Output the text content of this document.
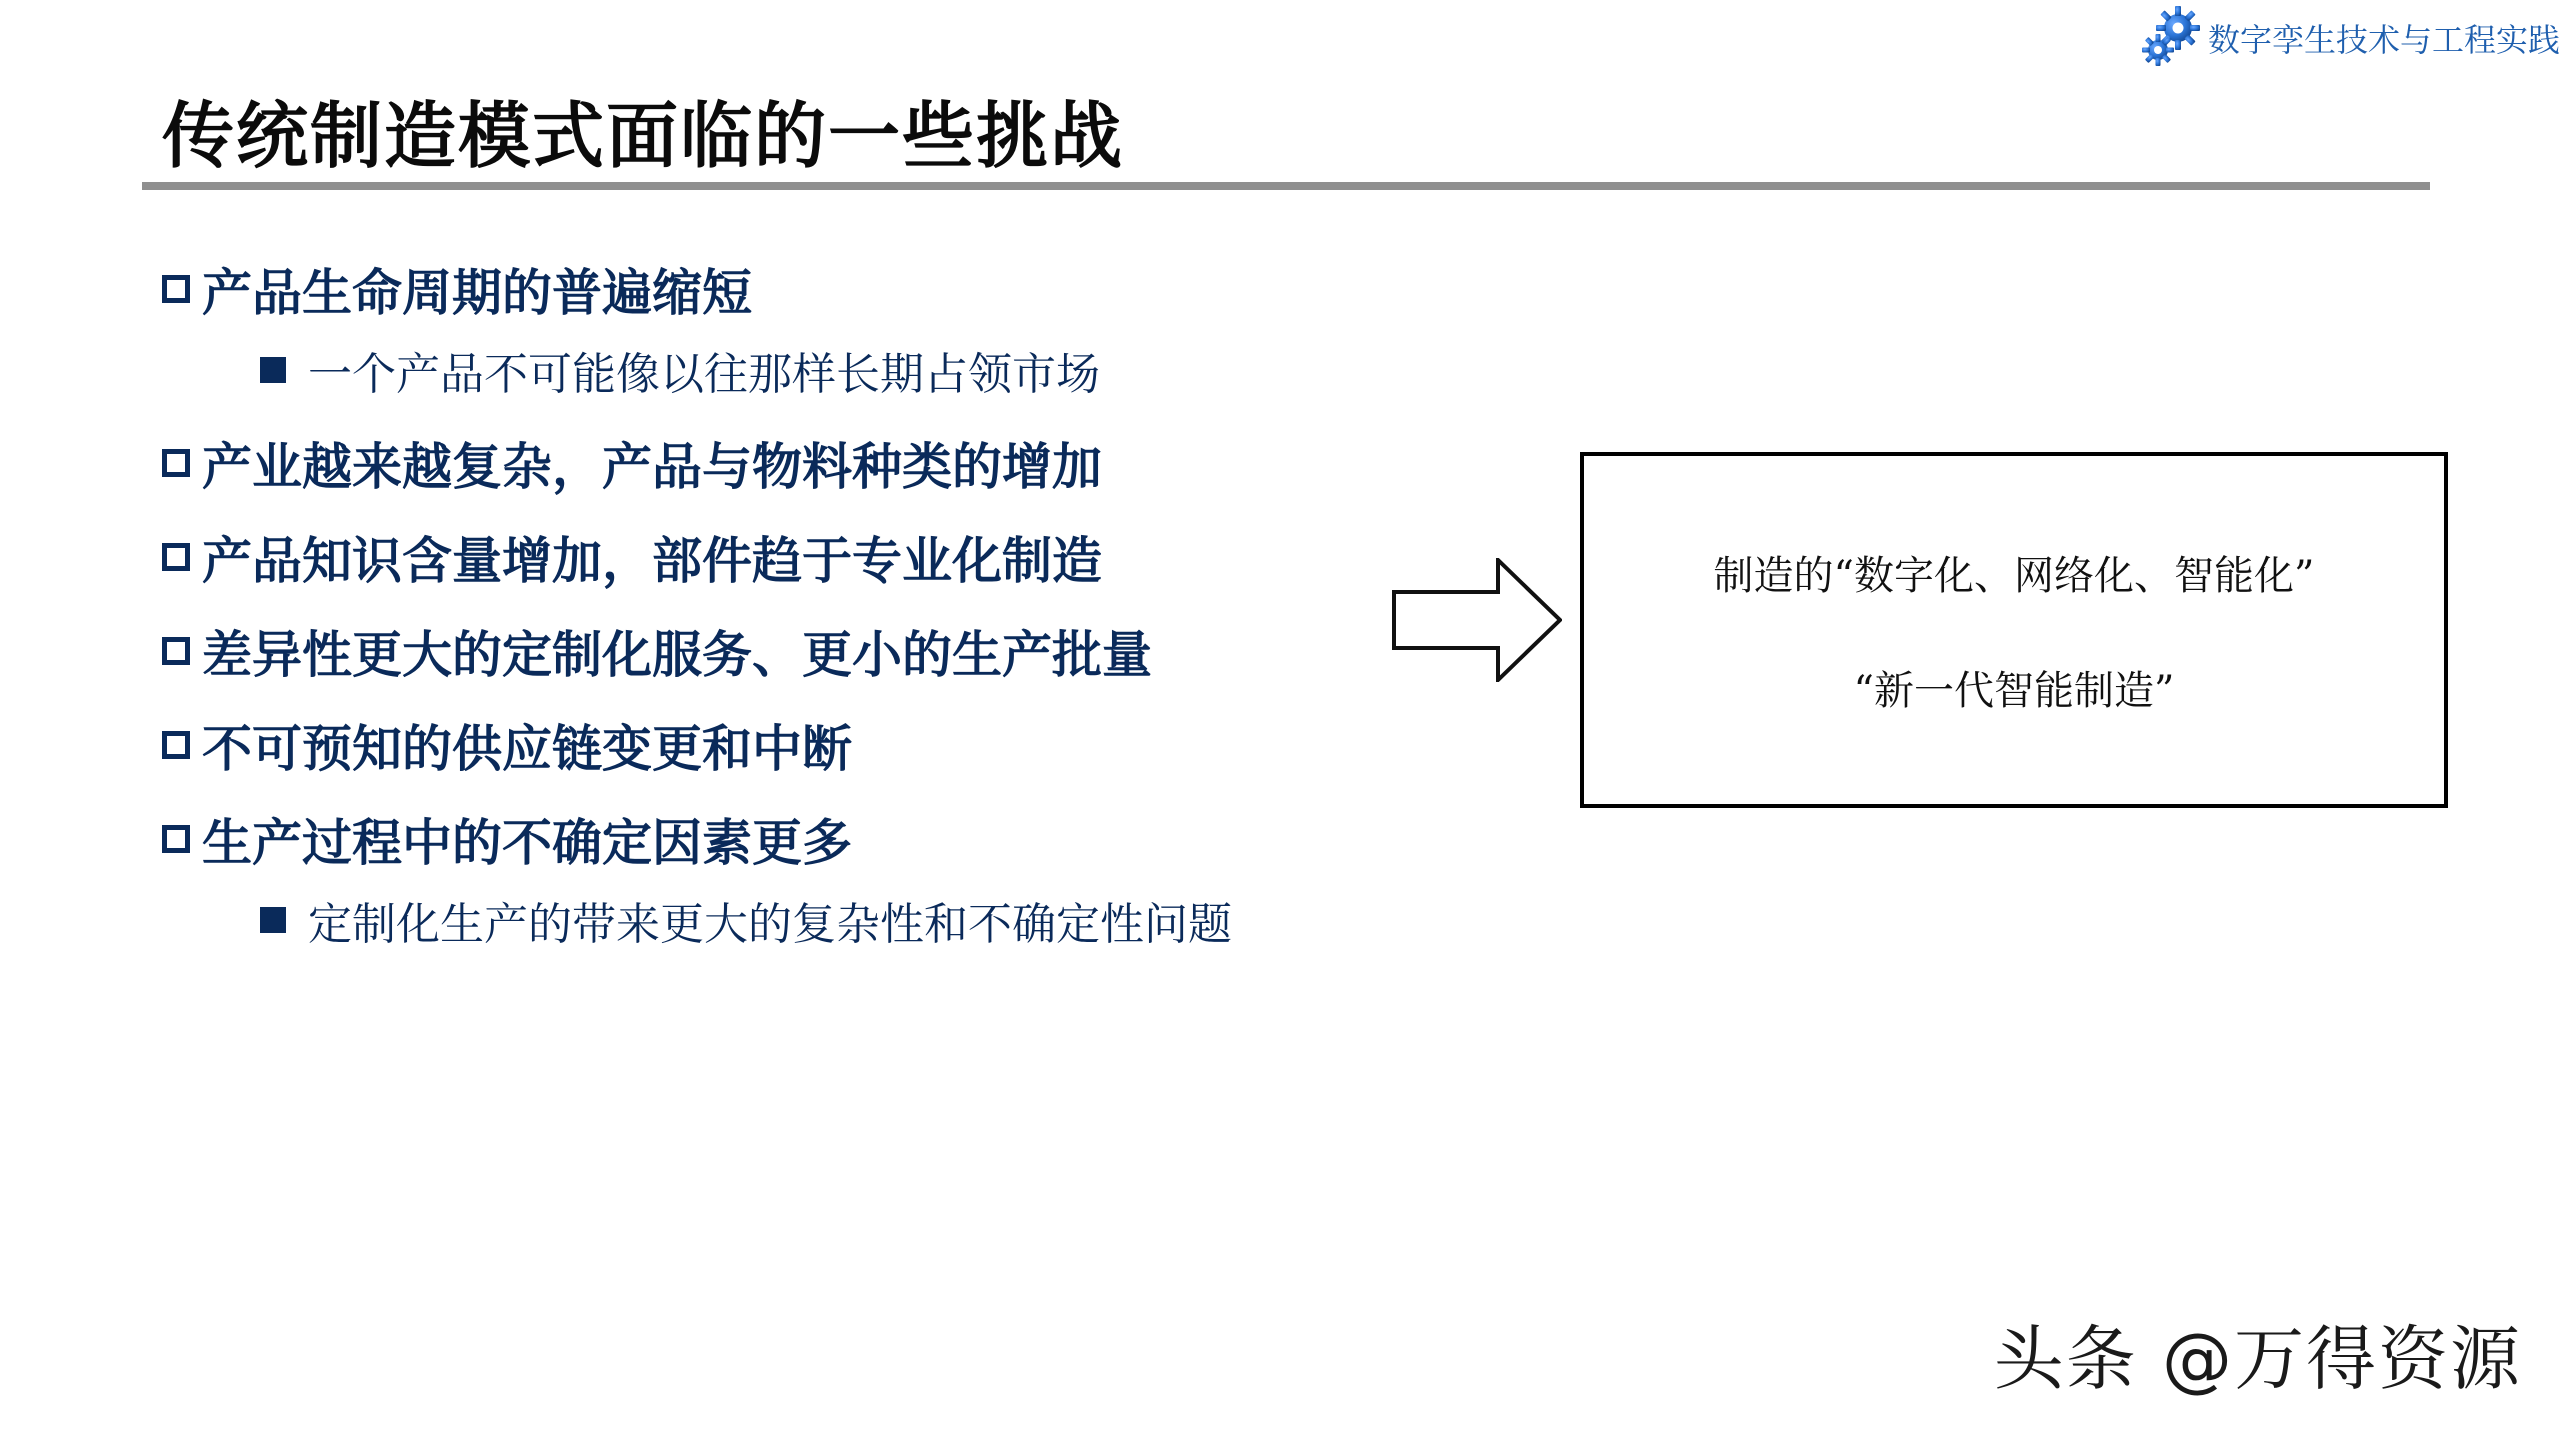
数字孪生技术与工程实践
传统制造模式面临的一些挑战
产品生命周期的普遍缩短
一个产品不可能像以往那样长期占领市场
产业越来越复杂，产品与物料种类的增加
产品知识含量增加，部件趋于专业化制造
差异性更大的定制化服务、更小的生产批量
不可预知的供应链变更和中断
生产过程中的不确定因素更多
定制化生产的带来更大的复杂性和不确定性问题
制造的“数字化、网络化、智能化”
“新一代智能制造”
头条 @万得资源
